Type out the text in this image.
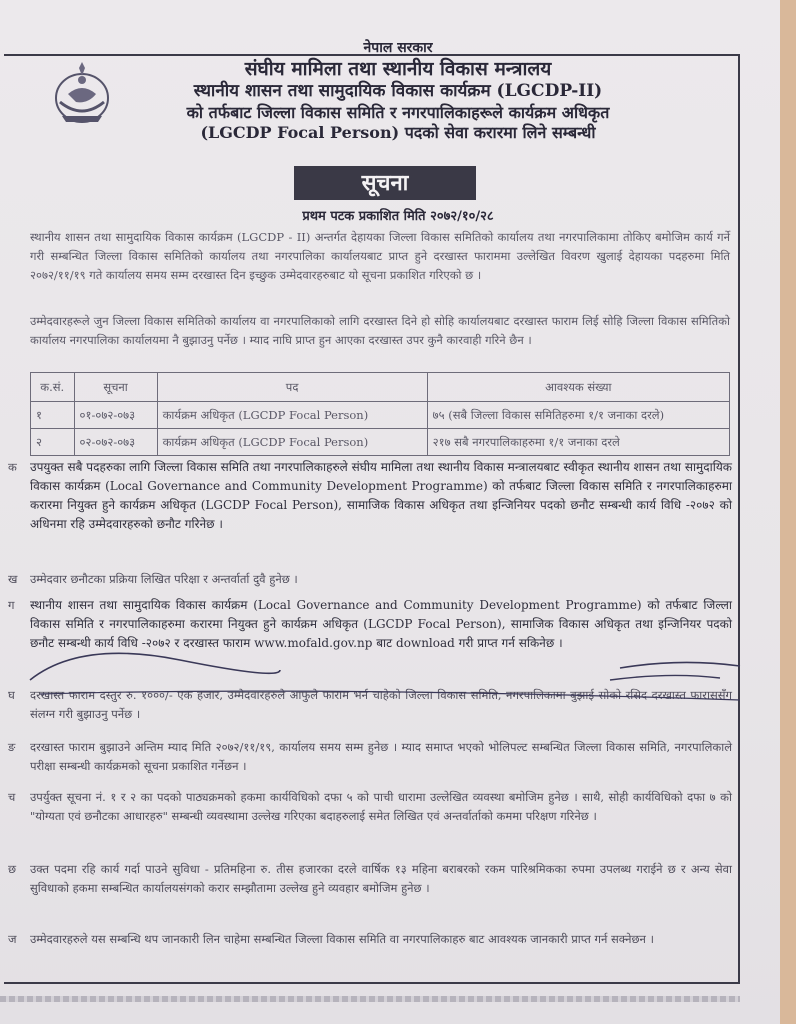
नेपाल सरकार
संघीय मामिला तथा स्थानीय विकास मन्त्रालय
स्थानीय शासन तथा सामुदायिक विकास कार्यक्रम (LGCDP-II)
को तर्फबाट जिल्ला विकास समिति र नगरपालिकाहरूले कार्यक्रम अधिकृत
(LGCDP Focal Person) पदको सेवा करारमा लिने सम्बन्धी
सूचना
प्रथम पटक प्रकाशित मिति २०७२/१०/२८
स्थानीय शासन तथा सामुदायिक विकास कार्यक्रम (LGCDP - II) अन्तर्गत देहायका जिल्ला विकास समितिको कार्यालय तथा नगरपालिकामा तोकिए बमोजिम कार्य गर्ने गरी सम्बन्धित जिल्ला विकास समितिको कार्यालय तथा नगरपालिका कार्यालयबाट प्राप्त हुने दरखास्त फाराममा उल्लेखित विवरण खुलाई देहायका पदहरुमा मिति २०७२/११/१९ गते कार्यालय समय सम्म दरखास्त दिन इच्छुक उम्मेदवारहरुबाट यो सूचना प्रकाशित गरिएको छ ।
उम्मेदवारहरूले जुन जिल्ला विकास समितिको कार्यालय वा नगरपालिकाको लागि दरखास्त दिने हो सोहि कार्यालयबाट दरखास्त फाराम लिई सोहि जिल्ला विकास समितिको कार्यालय नगरपालिका कार्यालयमा नै बुझाउनु पर्नेछ । म्याद नाघि प्राप्त हुन आएका दरखास्त उपर कुनै कारवाही गरिने छैन ।
क.सं.	सूचना	पद	आवश्यक संख्या
१	०१-०७२-०७३	कार्यक्रम अधिकृत (LGCDP Focal Person)	७५ (सबै जिल्ला विकास समितिहरुमा १/१ जनाका दरले)
२	०२-०७२-०७३	कार्यक्रम अधिकृत (LGCDP Focal Person)	२१७ सबै नगरपालिकाहरुमा १/१ जनाका दरले
क	उपयुक्त सबै पदहरुका लागि जिल्ला विकास समिति तथा नगरपालिकाहरुले संघीय मामिला तथा स्थानीय विकास मन्त्रालयबाट स्वीकृत स्थानीय शासन तथा सामुदायिक विकास कार्यक्रम (Local Governance and Community Development Programme) को तर्फबाट जिल्ला विकास समिति र नगरपालिकाहरुमा करारमा नियुक्त हुने कार्यक्रम अधिकृत (LGCDP Focal Person), सामाजिक विकास अधिकृत तथा इन्जिनियर पदको छनौट सम्बन्धी कार्य विधि -२०७२ को अधिनमा रहि उम्मेदवारहरुको छनौट गरिनेछ ।
ख	उम्मेदवार छनौटका प्रक्रिया लिखित परिक्षा र अन्तर्वार्ता दुवै हुनेछ ।
ग	स्थानीय शासन तथा सामुदायिक विकास कार्यक्रम (Local Governance and Community Development Programme) को तर्फबाट जिल्ला विकास समिति र नगरपालिकाहरुमा करारमा नियुक्त हुने कार्यक्रम अधिकृत (LGCDP Focal Person), सामाजिक विकास अधिकृत तथा इन्जिनियर पदको छनौट सम्बन्धी कार्य विधि -२०७२ र दरखास्त फाराम www.mofald.gov.np बाट download गरी प्राप्त गर्न सकिनेछ ।
घ	दरखास्त फाराम दस्तुर रु. १०००/- एक हजार, उम्मेदवारहरुले आफुले फाराम भर्न चाहेको जिल्ला विकास समिति, नगरपालिकामा बुझाई सोको रसिद दरखास्त फाराससँग संलग्न गरी बुझाउनु पर्नेछ ।
ङ	दरखास्त फाराम बुझाउने अन्तिम म्याद मिति २०७२/११/१९, कार्यालय समय सम्म हुनेछ । म्याद समाप्त भएको भोलिपल्ट सम्बन्धित जिल्ला विकास समिति, नगरपालिकाले परीक्षा सम्बन्धी कार्यक्रमको सूचना प्रकाशित गर्नेछन ।
च	उपर्युक्त सूचना नं. १ र २ का पदको पाठ्यक्रमको हकमा कार्यविधिको दफा ५ को पाची धारामा उल्लेखित व्यवस्था बमोजिम हुनेछ । साथै, सोही कार्यविधिको दफा ७ को "योग्यता एवं छनौटका आधारहरु" सम्बन्धी व्यवस्थामा उल्लेख गरिएका बदाहरुलाई समेत लिखित एवं अन्तर्वार्ताको कममा परिक्षण गरिनेछ ।
छ	उक्त पदमा रहि कार्य गर्दा पाउने सुविधा - प्रतिमहिना रु. तीस हजारका दरले वार्षिक १३ महिना बराबरको रकम पारिश्रमिकका रुपमा उपलब्ध गराईने छ र अन्य सेवा सुविधाको हकमा सम्बन्धित कार्यालयसंगको करार सम्झौतामा उल्लेख हुने व्यवहार बमोजिम हुनेछ ।
ज	उम्मेदवारहरुले यस सम्बन्धि थप जानकारी लिन चाहेमा सम्बन्धित जिल्ला विकास समिति वा नगरपालिकाहरु बाट आवश्यक जानकारी प्राप्त गर्न सक्नेछन ।
